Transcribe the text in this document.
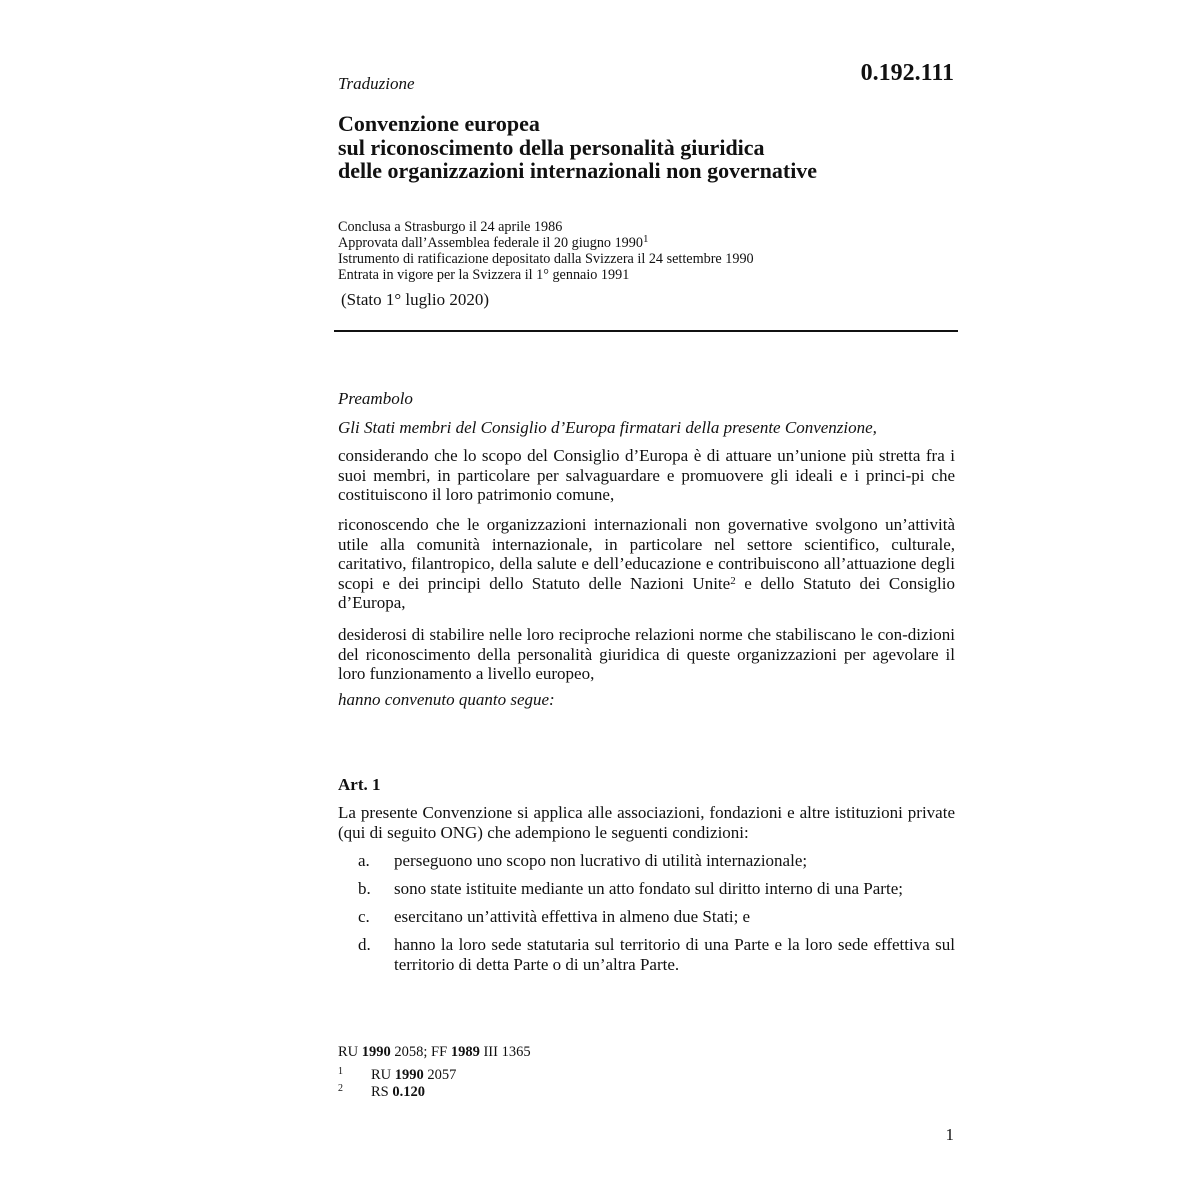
0.192.111
Traduzione
Convenzione europea
sul riconoscimento della personalità giuridica
delle organizzazioni internazionali non governative
Conclusa a Strasburgo il 24 aprile 1986
Approvata dall’Assemblea federale il 20 giugno 1990$^1$
Istrumento di ratificazione depositato dalla Svizzera il 24 settembre 1990
Entrata in vigore per la Svizzera il 1° gennaio 1991
(Stato 1° luglio 2020)
Preambolo
Gli Stati membri del Consiglio d’Europa firmatari della presente Convenzione,
considerando che lo scopo del Consiglio d’Europa è di attuare un’unione più stretta fra i suoi membri, in particolare per salvaguardare e promuovere gli ideali e i princi-pi che costituiscono il loro patrimonio comune,
riconoscendo che le organizzazioni internazionali non governative svolgono un’attività utile alla comunità internazionale, in particolare nel settore scientifico, culturale, caritativo, filantropico, della salute e dell’educazione e contribuiscono all’attuazione degli scopi e dei principi dello Statuto delle Nazioni Unite$^2$ e dello Statuto dei Consiglio d’Europa,
desiderosi di stabilire nelle loro reciproche relazioni norme che stabiliscano le con-dizioni del riconoscimento della personalità giuridica di queste organizzazioni per agevolare il loro funzionamento a livello europeo,
hanno convenuto quanto segue:
Art. 1
La presente Convenzione si applica alle associazioni, fondazioni e altre istituzioni private (qui di seguito ONG) che adempiono le seguenti condizioni:
a. perseguono uno scopo non lucrativo di utilità internazionale;
b. sono state istituite mediante un atto fondato sul diritto interno di una Parte;
c. esercitano un’attività effettiva in almeno due Stati; e
d. hanno la loro sede statutaria sul territorio di una Parte e la loro sede effettiva sul territorio di detta Parte o di un’altra Parte.
RU 1990 2058; FF 1989 III 1365
1 RU 1990 2057
2 RS 0.120
1
